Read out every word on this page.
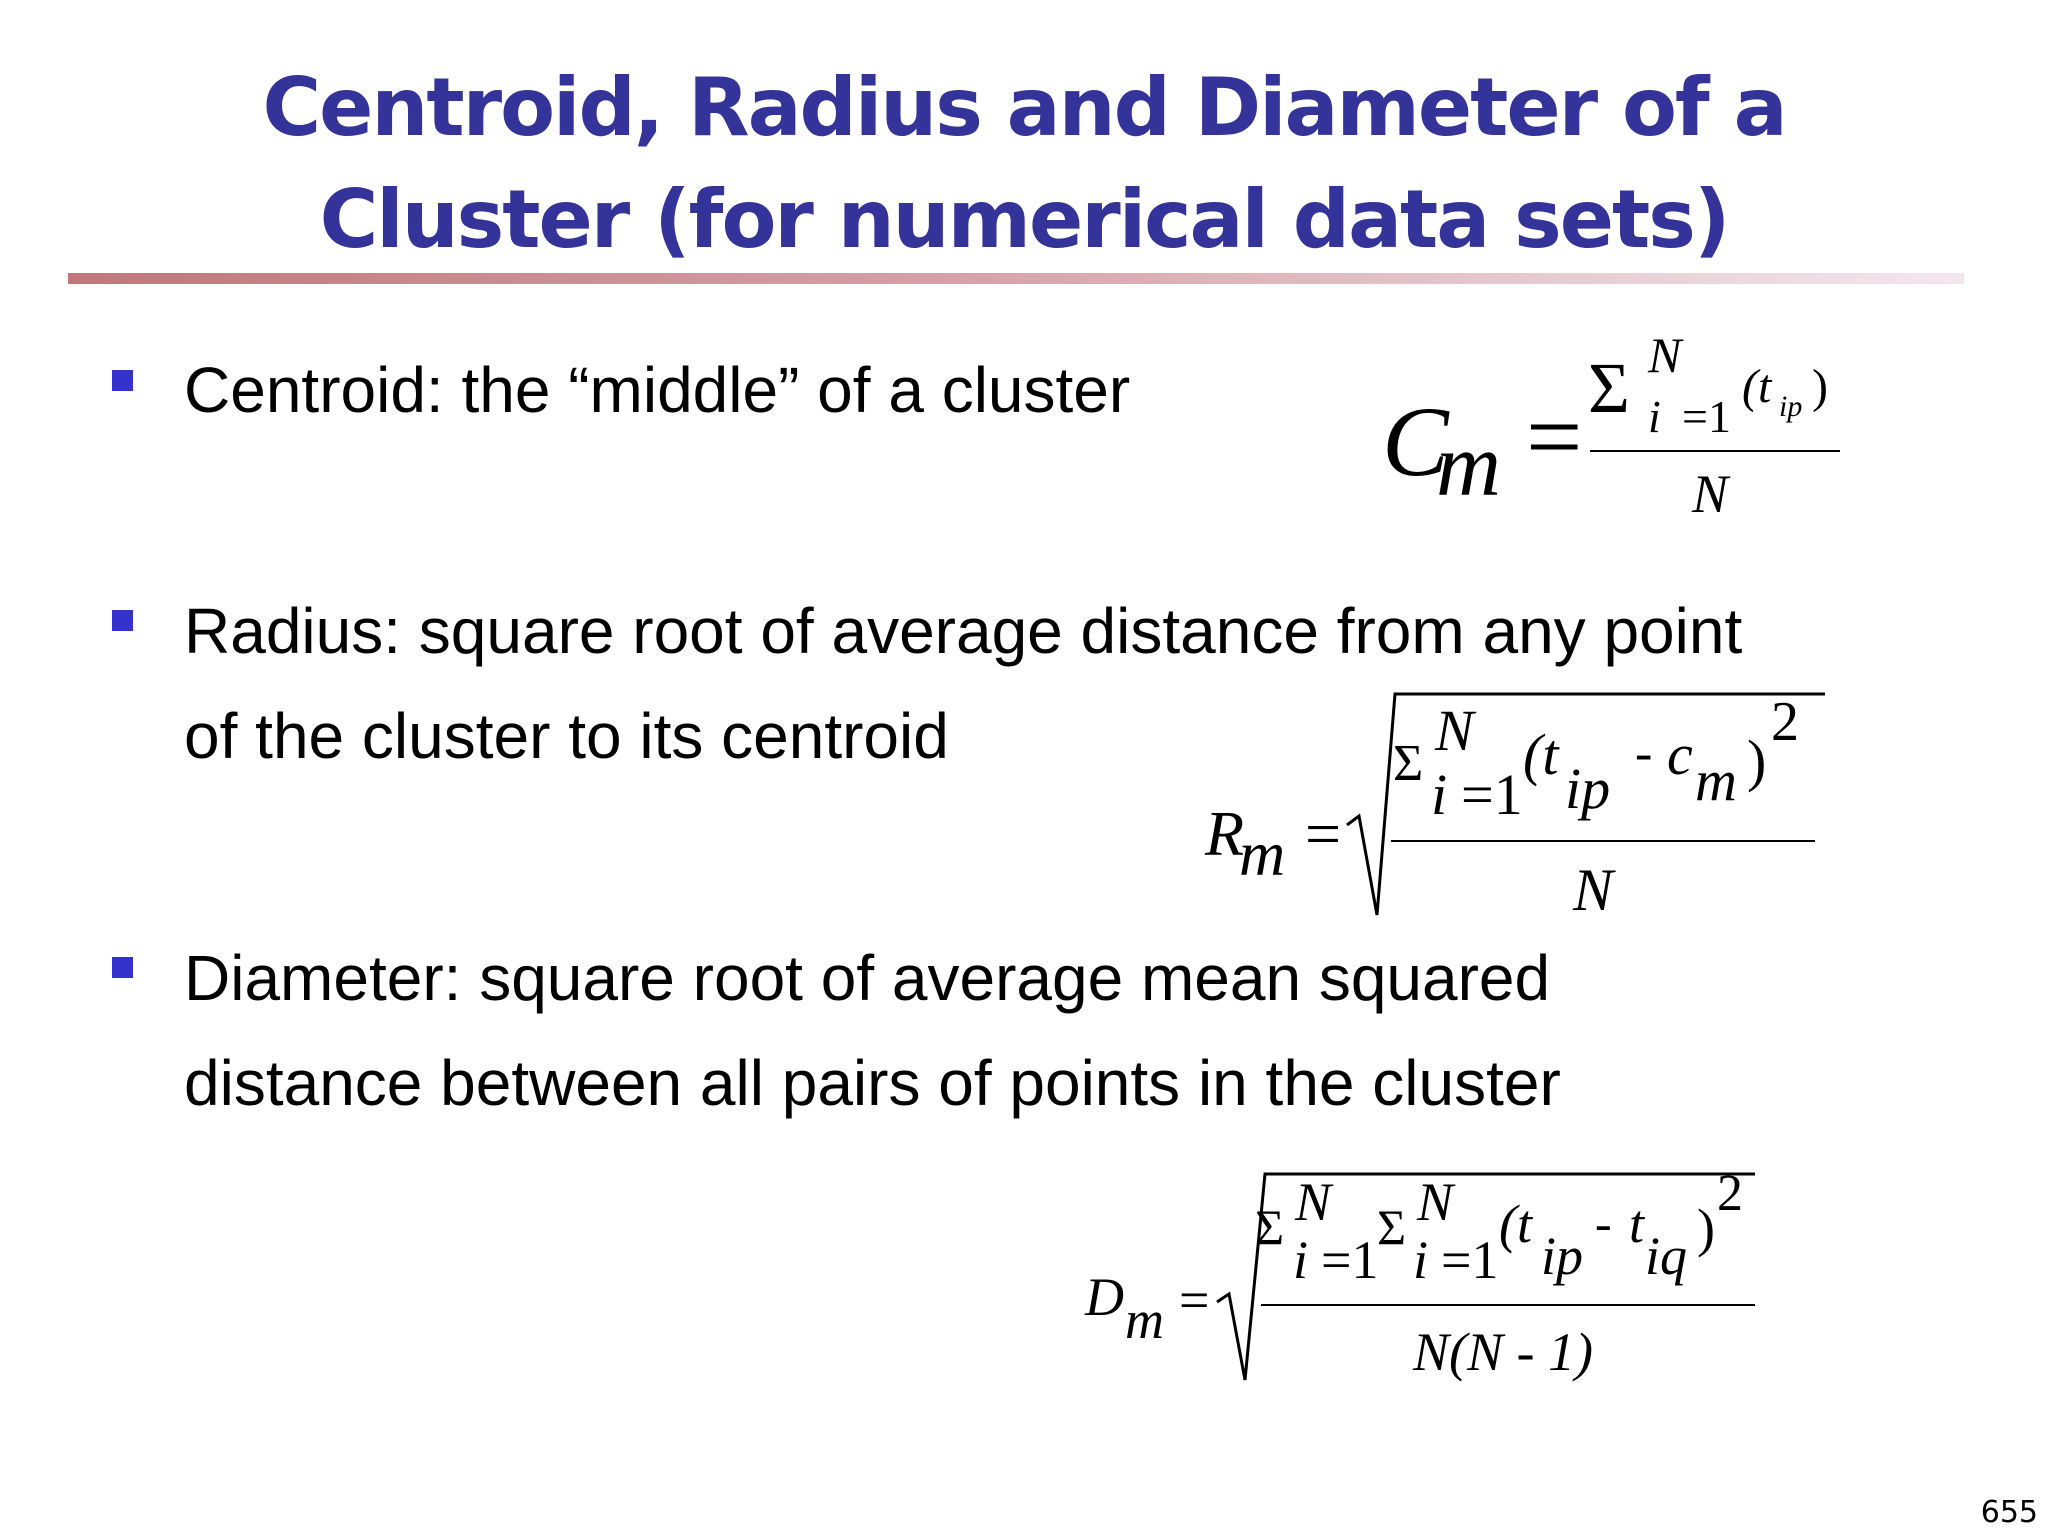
Centroid, Radius and Diameter of a
Cluster (for numerical data sets)
Centroid: the “middle” of a cluster
Radius: square root of average distance from any point
of the cluster to its centroid
Diameter: square root of average mean squared
distance between all pairs of points in the cluster
C
m = Σ N
i =1
(t ip )
N
R
m =
Σ
N
i =1
(t
ip
- c m )
2
N
D m =
Σ N
i =1
Σ N
i =1
(t
ip
- t
iq )
2
N(N - 1)
655
